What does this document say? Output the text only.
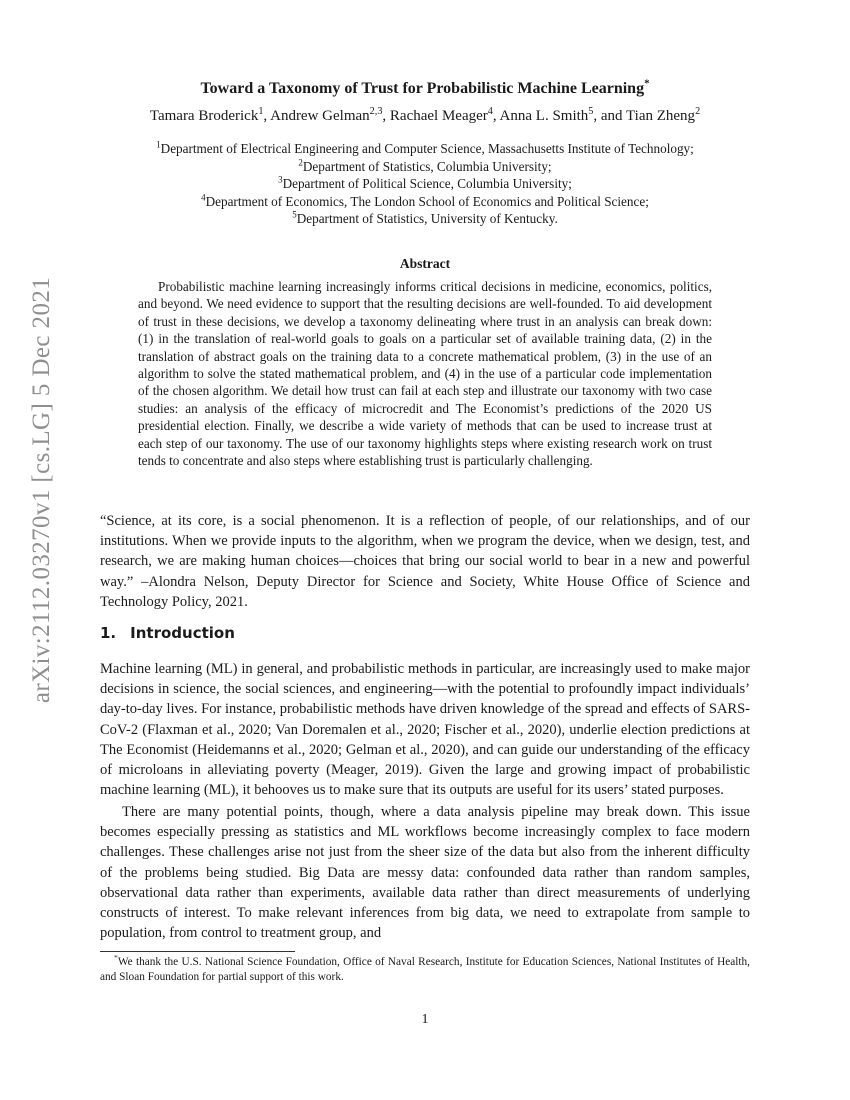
arXiv:2112.03270v1 [cs.LG] 5 Dec 2021
Toward a Taxonomy of Trust for Probabilistic Machine Learning*
Tamara Broderick$^1$, Andrew Gelman$^{2,3}$, Rachael Meager$^4$, Anna L. Smith$^5$, and Tian Zheng$^2$
$^1$Department of Electrical Engineering and Computer Science, Massachusetts Institute of Technology;
$^2$Department of Statistics, Columbia University;
$^3$Department of Political Science, Columbia University;
$^4$Department of Economics, The London School of Economics and Political Science;
$^5$Department of Statistics, University of Kentucky.
Abstract

Probabilistic machine learning increasingly informs critical decisions in medicine, economics, politics, and beyond. We need evidence to support that the resulting decisions are well-founded. To aid development of trust in these decisions, we develop a taxonomy delineating where trust in an analysis can break down: (1) in the translation of real-world goals to goals on a particular set of available training data, (2) in the translation of abstract goals on the training data to a concrete mathematical problem, (3) in the use of an algorithm to solve the stated mathematical problem, and (4) in the use of a particular code implementation of the chosen algorithm. We detail how trust can fail at each step and illustrate our taxonomy with two case studies: an analysis of the efficacy of microcredit and The Economist’s predictions of the 2020 US presidential election. Finally, we describe a wide variety of methods that can be used to increase trust at each step of our taxonomy. The use of our taxonomy highlights steps where existing research work on trust tends to concentrate and also steps where establishing trust is particularly challenging.

“Science, at its core, is a social phenomenon. It is a reflection of people, of our relationships, and of our institutions. When we provide inputs to the algorithm, when we program the device, when we design, test, and research, we are making human choices—choices that bring our social world to bear in a new and powerful way.” –Alondra Nelson, Deputy Director for Science and Society, White House Office of Science and Technology Policy, 2021.

1. Introduction

Machine learning (ML) in general, and probabilistic methods in particular, are increasingly used to make major decisions in science, the social sciences, and engineering—with the potential to profoundly impact individuals’ day-to-day lives. For instance, probabilistic methods have driven knowledge of the spread and effects of SARS-CoV-2 (Flaxman et al., 2020; Van Doremalen et al., 2020; Fischer et al., 2020), underlie election predictions at The Economist (Heidemanns et al., 2020; Gelman et al., 2020), and can guide our understanding of the efficacy of microloans in alleviating poverty (Meager, 2019). Given the large and growing impact of probabilistic machine learning (ML), it behooves us to make sure that its outputs are useful for its users’ stated purposes.

There are many potential points, though, where a data analysis pipeline may break down. This issue becomes especially pressing as statistics and ML workflows become increasingly complex to face modern challenges. These challenges arise not just from the sheer size of the data but also from the inherent difficulty of the problems being studied. Big Data are messy data: confounded data rather than random samples, observational data rather than experiments, available data rather than direct measurements of underlying constructs of interest. To make relevant inferences from big data, we need to extrapolate from sample to population, from control to treatment group, and

*We thank the U.S. National Science Foundation, Office of Naval Research, Institute for Education Sciences, National Institutes of Health, and Sloan Foundation for partial support of this work.

1
